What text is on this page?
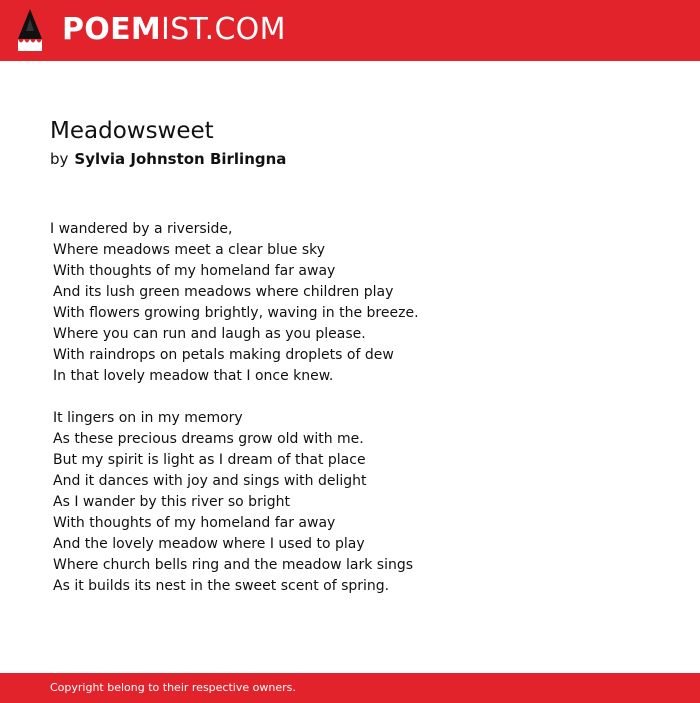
POEMIST.COM
Meadowsweet
by Sylvia Johnston Birlingna
I wandered by a riverside,
Where meadows meet a clear blue sky
With thoughts of my homeland far away
And its lush green meadows where children play
With flowers growing brightly, waving in the breeze.
Where you can run and laugh as you please.
With raindrops on petals making droplets of dew
In that lovely meadow that I once knew.
It lingers on in my memory
As these precious dreams grow old with me.
But my spirit is light as I dream of that place
And it dances with joy and sings with delight
As I wander by this river so bright
With thoughts of my homeland far away
And the lovely meadow where I used to play
Where church bells ring and the meadow lark sings
As it builds its nest in the sweet scent of spring.
Copyright belong to their respective owners.
